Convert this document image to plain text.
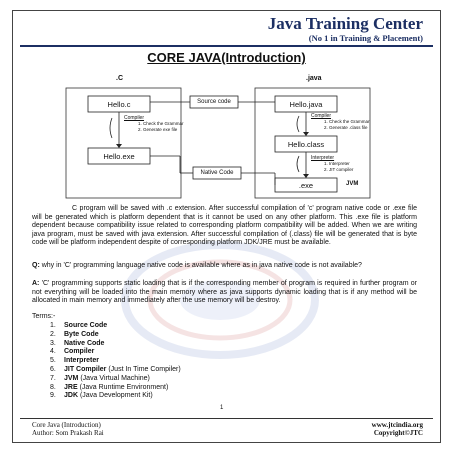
Java Training Center
(No 1 in Training & Placement)
CORE JAVA(Introduction)
.C	.java
Hello.c	Source code	Hello.java
Compiler
1. Check the Grammar
2. Generate exe file
Compiler
1. Check the Grammar
2. Generate .class file
Hello.exe
Hello.class
Interpreter
1. Interpreter
2. JIT compiler
Native Code
.exe	JVM
C program will be saved with .c extension. After successful compilation of 'c' program native code or .exe file will be generated which is platform dependent that is it cannot be used on any other platform. This .exe file is platform dependent because compatibility issue related to corresponding platform compatibility will be added. When we are writing java program, must be saved with java extension. After successful compilation of (.class) file will be generated that is byte code will be platform independent despite of corresponding platform JDK/JRE must be available.
Q: why in 'C' programming language native code is available where as in java native code is not available?
A: 'C' programming supports static loading that is if the corresponding member of program is required in further program or not everything will be loaded into the main memory where as java supports dynamic loading that is if any method will be allocated in main memory and immediately after the use memory will be destroy.
Terms:-
1. Source Code
2. Byte Code
3. Native Code
4. Compiler
5. Interpreter
6. JIT Compiler (Just In Time Compiler)
7. JVM (Java Virtual Machine)
8. JRE (Java Runtime Environment)
9. JDK (Java Development Kit)
1
Core Java (Introduction)
Author: Som Prakash Rai
www.jtcindia.org
Copyright©JTC
